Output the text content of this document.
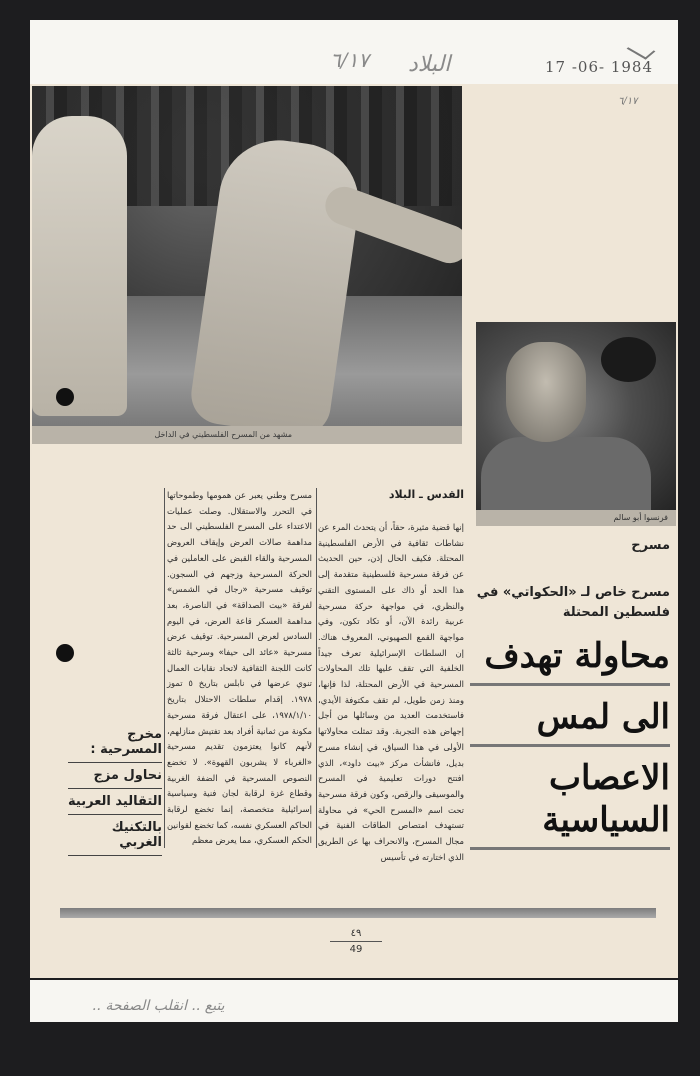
٦/١٧ البلاد	17 -06- 1984
٦/١٧
مشهد من المسرح الفلسطيني في الداخل
فرنسوا أبو سالم
مسرح
مسرح خاص لـ «الحكواتي» في فلسطين المحتلة
محاولة تهدف
الى لمس
الاعصاب السياسية
القدس ـ البلاد
إنها قضية مثيرة، حقاً، أن يتحدث المرء عن نشاطات ثقافية في الأرض الفلسطينية المحتلة. فكيف الحال إذن، حين الحديث عن فرقة مسرحية فلسطينية متقدمة إلى هذا الحد أو ذاك على المستوى التقني والنظري، في مواجهة حركة مسرحية عربية رائدة الآن، أو تكاد تكون، وفي مواجهة القمع الصهيوني، المعروف هناك. إن السلطات الإسرائيلية تعرف جيداً الخلفية التي تقف عليها تلك المحاولات المسرحية في الأرض المحتلة، لذا فإنها، ومنذ زمن طويل، لم تقف مكتوفة الأيدي، فاستخدمت العديد من وسائلها من أجل إجهاض هذه التجربة. وقد تمثلت محاولاتها الأولى في هذا السياق، في إنشاء مسرح بديل، فانشأت مركز «بيت داود»، الذي افتتح دورات تعليمية في المسرح والموسيقى والرقص، وكون فرقة مسرحية تحت اسم «المسرح الحي» في محاولة تستهدف امتصاص الطاقات الفنية في مجال المسرح، والانحراف بها عن الطريق الذي اختارته في تأسيس
مسرح وطني يعبر عن همومها وطموحاتها في التحرر والاستقلال. وصلت عمليات الاعتداء على المسرح الفلسطيني الى حد مداهمة صالات العرض وإيقاف العروض المسرحية والقاء القبض على العاملين في الحركة المسرحية وزجهم في السجون. توقيف مسرحية «رجال في الشمس» لفرقة «بيت الصداقة» في الناصرة، بعد مداهمة العسكر قاعة العرض، في اليوم السادس لعرض المسرحية. توقيف عرض مسرحية «عائد الى حيفا» وسرحية ثالثة كانت اللجنة الثقافية لاتحاد نقابات العمال تنوي عرضها في نابلس بتاريخ ٥ تموز ١٩٧٨. إقدام سلطات الاحتلال بتاريخ ١٩٧٨/١/١٠، على اعتقال فرقة مسرحية مكونة من ثمانية أفراد بعد تفتيش منازلهم، لأنهم كانوا يعتزمون تقديم مسرحية «الغرباء لا يشربون القهوة». لا تخضع النصوص المسرحية في الضفة الغربية وقطاع غزة لرقابة لجان فنية وسياسية إسرائيلية متخصصة، إنما تخضع لرقابة الحاكم العسكري نفسه، كما تخضع لقوانين الحكم العسكري، مما يعرض معظم
مخرج المسرحية :
نحاول مزج
التقاليد العربية
بالتكنيك الغربي
٤٩
49
يتبع .. انقلب الصفحة ..
